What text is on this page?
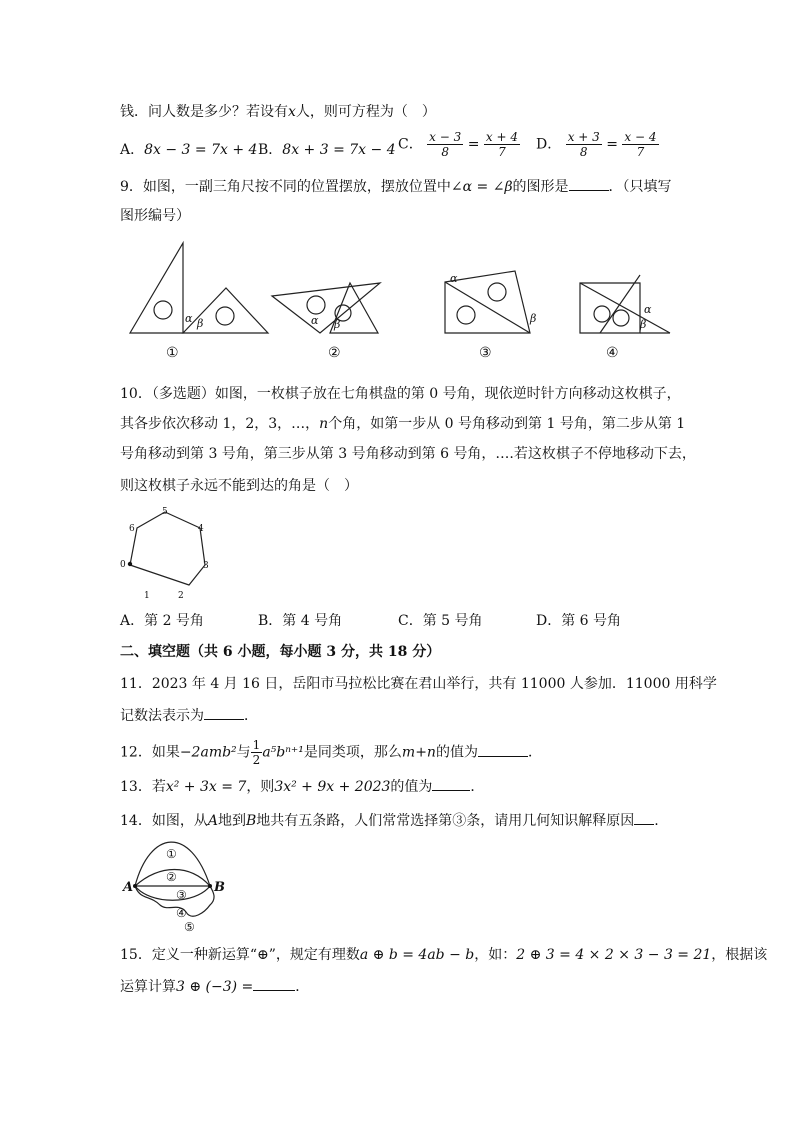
钱．问人数是多少？若设有x人，则可方程为（　）
A．8x − 3 = 7x + 4 B．8x + 3 = 7x − 4 C． $\frac{x - 3}{8} = \frac{x + 4}{7}$ D． $\frac{x + 3}{8} = \frac{x - 4}{7}$
9．如图，一副三角尺按不同的位置摆放，摆放位置中∠α = ∠β的图形是	．（只填写
图形编号）
α β	α β
α
β
α
β
①	②	③	④
10．（多选题）如图，一枚棋子放在七角棋盘的第 0 号角，现依逆时针方向移动这枚棋子，
其各步依次移动 1，2，3，…，n个角，如第一步从 0 号角移动到第 1 号角，第二步从第 1
号角移动到第 3 号角，第三步从第 3 号角移动到第 6 号角，….若这枚棋子不停地移动下去，
则这枚棋子永远不能到达的角是（　）
0
1	2
3
4
5
6
A．第 2 号角	B．第 4 号角	C．第 5 号角	D．第 6 号角
二、填空题（共 6 小题，每小题 3 分，共 18 分）
11．2023 年 4 月 16 日，岳阳市马拉松比赛在君山举行，共有 11000 人参加．11000 用科学
记数法表示为	．
12．如果−2amb²与 $\frac{1}{2} a^5b^{n+1}$是同类项，那么m+n的值为	．
13．若x² + 3x = 7，则3x² + 9x + 2023的值为	．
14．如图，从A地到B地共有五条路，人们常常选择第③条，请用几何知识解释原因 .
①
②
③
④
⑤
A	B
15．定义一种新运算“⊕”，规定有理数a ⊕ b = 4ab − b，如：2 ⊕ 3 = 4 × 2 × 3 − 3 = 21，根据该
运算计算3 ⊕ (−3) =	．
